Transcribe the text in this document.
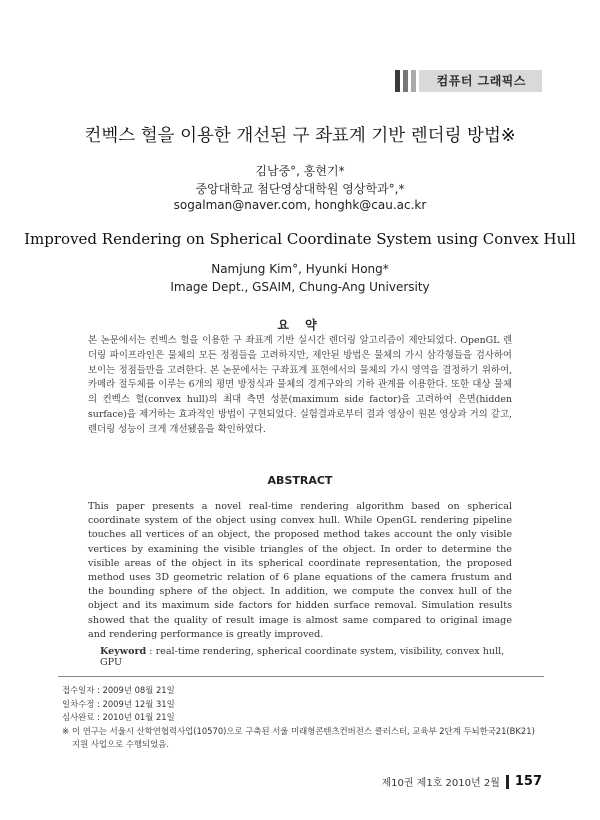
컴퓨터 그래픽스
컨벡스 헐을 이용한 개선된 구 좌표계 기반 렌더링 방법※
김남중°, 홍현기*
중앙대학교 첨단영상대학원 영상학과°,*
sogalman@naver.com, honghk@cau.ac.kr
Improved Rendering on Spherical Coordinate System using Convex Hull
Namjung Kim°, Hyunki Hong*
Image Dept., GSAIM, Chung-Ang University
요 약
본 논문에서는 컨벡스 헐을 이용한 구 좌표계 기반 실시간 렌더링 알고리즘이 제안되었다. OpenGL 렌더링 파이프라인은 물체의 모든 정점들을 고려하지만, 제안된 방법은 물체의 가시 삼각형들을 검사하여 보이는 정점들만을 고려한다. 본 논문에서는 구좌표계 표현에서의 물체의 가시 영역을 결정하기 위하여, 카메라 절두체를 이루는 6개의 평면 방정식과 물체의 경계구와의 기하 관계를 이용한다. 또한 대상 물체의 컨벡스 헐(convex hull)의 최대 측면 성분(maximum side factor)을 고려하여 은면(hidden surface)을 제거하는 효과적인 방법이 구현되었다. 실험결과로부터 결과 영상이 원본 영상과 거의 같고, 렌더링 성능이 크게 개선됐음을 확인하였다.
ABSTRACT
This paper presents a novel real-time rendering algorithm based on spherical coordinate system of the object using convex hull. While OpenGL rendering pipeline touches all vertices of an object, the proposed method takes account the only visible vertices by examining the visible triangles of the object. In order to determine the visible areas of the object in its spherical coordinate representation, the proposed method uses 3D geometric relation of 6 plane equations of the camera frustum and the bounding sphere of the object. In addition, we compute the convex hull of the object and its maximum side factors for hidden surface removal. Simulation results showed that the quality of result image is almost same compared to original image and rendering performance is greatly improved.
Keyword : real-time rendering, spherical coordinate system, visibility, convex hull, GPU
접수일자 : 2009년 08월 21일
일차수정 : 2009년 12월 31일
심사완료 : 2010년 01월 21일
※ 이 연구는 서울시 산학연협력사업(10570)으로 구축된 서울 미래형콘텐츠컨버전스 클러스터, 교육부 2단계 두뇌한국21(BK21) 지원 사업으로 수행되었음.
제10권 제1호 2010년 2월 157
